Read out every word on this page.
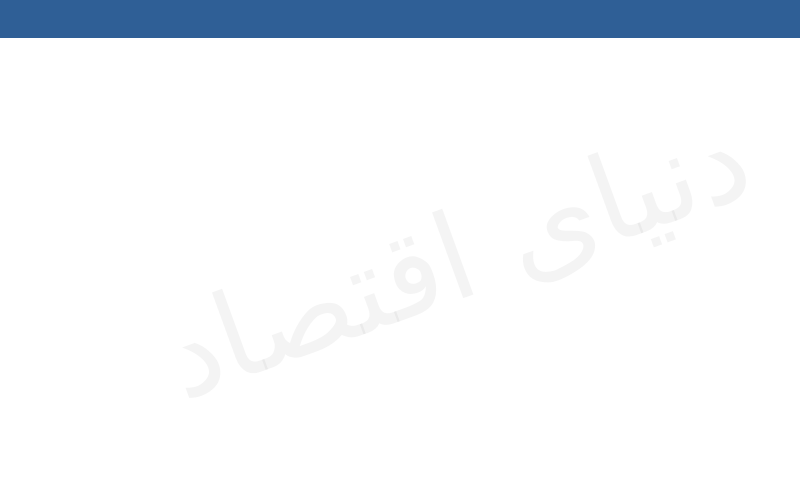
دنیای اقتصاد
